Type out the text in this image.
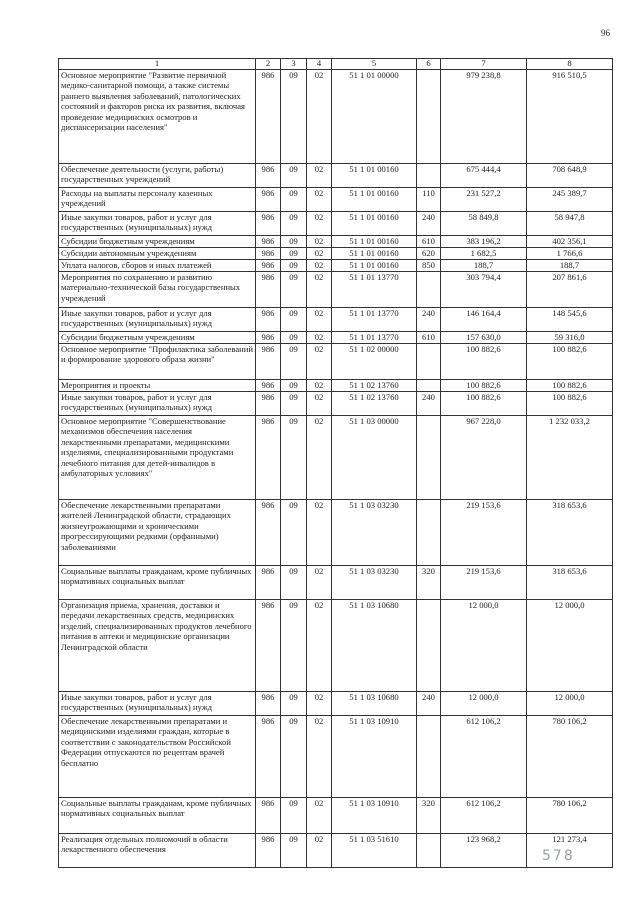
96
1	2	3	4	5	6	7	8
Основное мероприятие "Развитие первичной медико-санитарной помощи, а также системы раннего выявления заболеваний, патологических состояний и факторов риска их развития, включая проведение медицинских осмотров и диспансеризации населения"	986	09	02	51 1 01 00000		979 238,8	916 510,5
Обеспечение деятельности (услуги, работы) государственных учреждений	986	09	02	51 1 01 00160		675 444,4	708 648,9
Расходы на выплаты персоналу казенных учреждений	986	09	02	51 1 01 00160	110	231 527,2	245 389,7
Иные закупки товаров, работ и услуг для государственных (муниципальных) нужд	986	09	02	51 1 01 00160	240	58 849,8	58 947,8
Субсидии бюджетным учреждениям	986	09	02	51 1 01 00160	610	383 196,2	402 356,1
Субсидии автономным учреждениям	986	09	02	51 1 01 00160	620	1 682,5	1 766,6
Уплата налогов, сборов и иных платежей	986	09	02	51 1 01 00160	850	188,7	188,7
Мероприятия по сохранению и развитию материально-технической базы государственных учреждений	986	09	02	51 1 01 13770		303 794,4	207 861,6
Иные закупки товаров, работ и услуг для государственных (муниципальных) нужд	986	09	02	51 1 01 13770	240	146 164,4	148 545,6
Субсидии бюджетным учреждениям	986	09	02	51 1 01 13770	610	157 630,0	59 316,0
Основное мероприятие "Профилактика заболеваний и формирование здорового образа жизни"	986	09	02	51 1 02 00000		100 882,6	100 882,6
Мероприятия и проекты	986	09	02	51 1 02 13760		100 882,6	100 882,6
Иные закупки товаров, работ и услуг для государственных (муниципальных) нужд	986	09	02	51 1 02 13760	240	100 882,6	100 882,6
Основное мероприятие "Совершенствование механизмов обеспечения населения лекарственными препаратами, медицинскими изделиями, специализированными продуктами лечебного питания для детей-инвалидов в амбулаторных условиях"	986	09	02	51 1 03 00000		967 228,0	1 232 033,2
Обеспечение лекарственными препаратами жителей Ленинградской области, страдающих жизнеугрожающими и хроническими прогрессирующими редкими (орфанными) заболеваниями	986	09	02	51 1 03 03230		219 153,6	318 653,6
Социальные выплаты гражданам, кроме публичных нормативных социальных выплат	986	09	02	51 1 03 03230	320	219 153,6	318 653,6
Организация приема, хранения, доставки и передачи лекарственных средств, медицинских изделий, специализированных продуктов лечебного питания в аптеки и медицинские организации Ленинградской области	986	09	02	51 1 03 10680		12 000,0	12 000,0
Иные закупки товаров, работ и услуг для государственных (муниципальных) нужд	986	09	02	51 1 03 10680	240	12 000,0	12 000,0
Обеспечение лекарственными препаратами и медицинскими изделиями граждан, которые в соответствии с законодательством Российской Федерации отпускаются по рецептам врачей бесплатно	986	09	02	51 1 03 10910		612 106,2	780 106,2
Социальные выплаты гражданам, кроме публичных нормативных социальных выплат	986	09	02	51 1 03 10910	320	612 106,2	780 106,2
Реализация отдельных полномочий в области лекарственного обеспечения	986	09	02	51 1 03 51610		123 968,2	121 273,4
578
